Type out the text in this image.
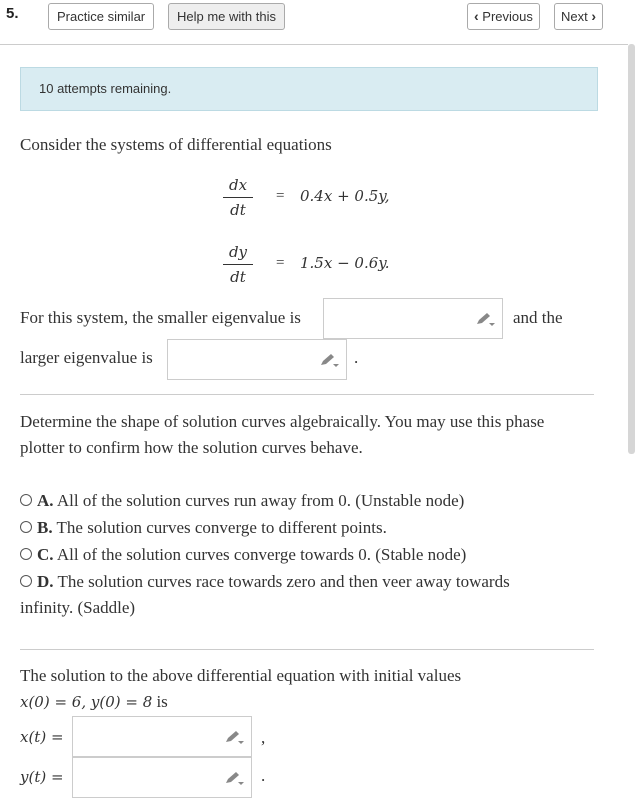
5.	Practice similar	Help me with this	‹ Previous	Next ›
10 attempts remaining.
Consider the systems of differential equations
dx
dt
= 0.4x + 0.5y,
dy
dt
= 1.5x − 0.6y.
For this system, the smaller eigenvalue is	and the
larger eigenvalue is	.
Determine the shape of solution curves algebraically. You may use this phase
plotter to confirm how the solution curves behave.
A. All of the solution curves run away from 0. (Unstable node)
B. The solution curves converge to different points.
C. All of the solution curves converge towards 0. (Stable node)
D. The solution curves race towards zero and then veer away towards
infinity. (Saddle)
The solution to the above differential equation with initial values
x(0) = 6, y(0) = 8 is
x(t) =	,
y(t) =	.
